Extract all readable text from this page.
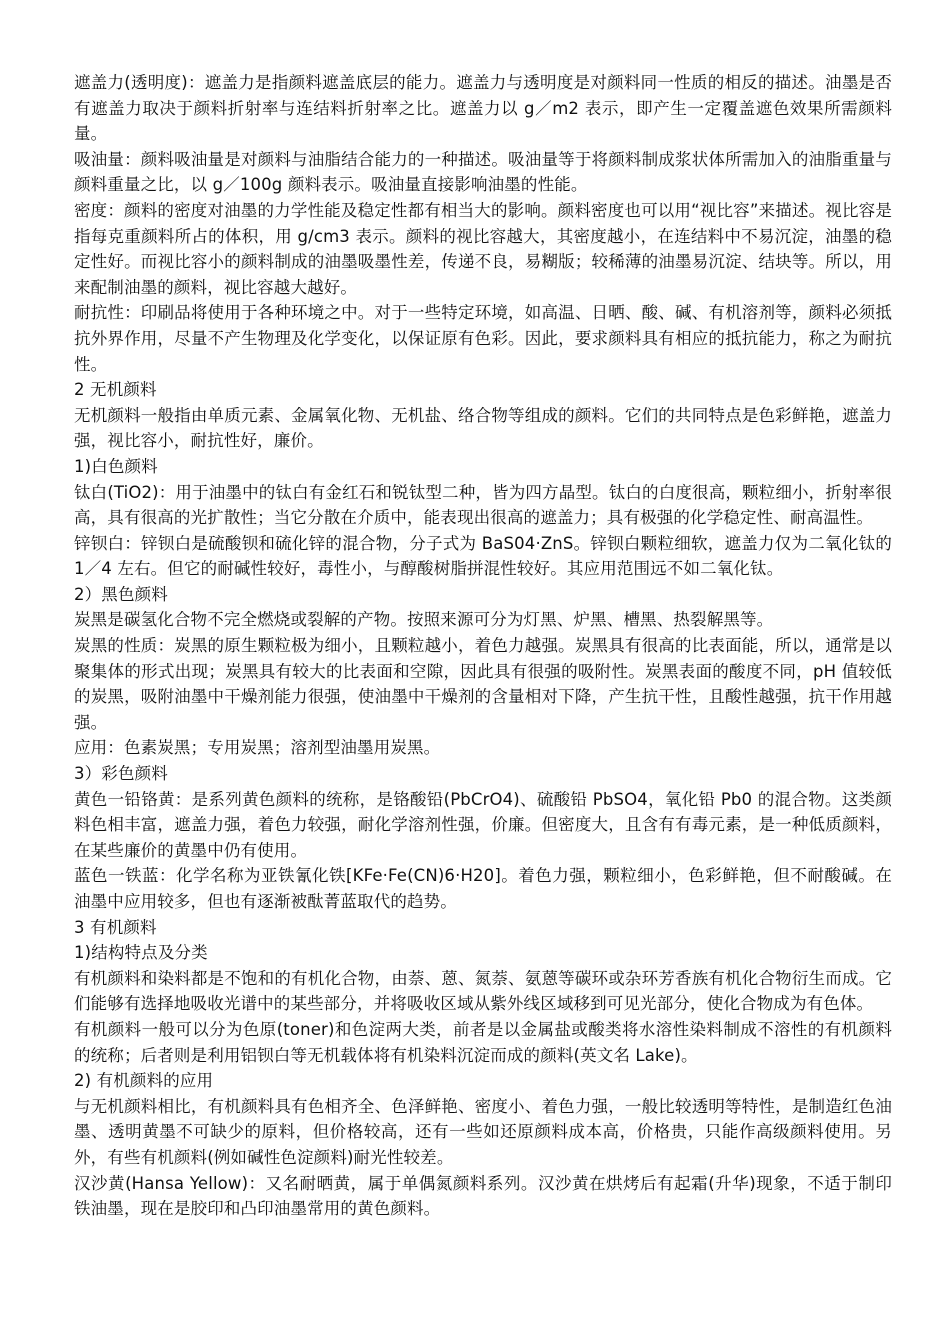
遮盖力(透明度)：遮盖力是指颜料遮盖底层的能力。遮盖力与透明度是对颜料同一性质的相反的描述。油墨是否有遮盖力取决于颜料折射率与连结料折射率之比。遮盖力以 g／m2 表示，即产生一定覆盖遮色效果所需颜料量。

吸油量：颜料吸油量是对颜料与油脂结合能力的一种描述。吸油量等于将颜料制成浆状体所需加入的油脂重量与颜料重量之比，以 g／100g 颜料表示。吸油量直接影响油墨的性能。

密度：颜料的密度对油墨的力学性能及稳定性都有相当大的影响。颜料密度也可以用“视比容”来描述。视比容是指每克重颜料所占的体积，用 g/cm3 表示。颜料的视比容越大，其密度越小，在连结料中不易沉淀，油墨的稳定性好。而视比容小的颜料制成的油墨吸墨性差，传递不良，易糊版；较稀薄的油墨易沉淀、结块等。所以，用来配制油墨的颜料，视比容越大越好。

耐抗性：印刷品将使用于各种环境之中。对于一些特定环境，如高温、日晒、酸、碱、有机溶剂等，颜料必须抵抗外界作用，尽量不产生物理及化学变化，以保证原有色彩。因此，要求颜料具有相应的抵抗能力，称之为耐抗性。

2 无机颜料

无机颜料一般指由单质元素、金属氧化物、无机盐、络合物等组成的颜料。它们的共同特点是色彩鲜艳，遮盖力强，视比容小，耐抗性好，廉价。

1)白色颜料

钛白(TiO2)：用于油墨中的钛白有金红石和锐钛型二种，皆为四方晶型。钛白的白度很高，颗粒细小，折射率很高，具有很高的光扩散性；当它分散在介质中，能表现出很高的遮盖力；具有极强的化学稳定性、耐高温性。

锌钡白：锌钡白是硫酸钡和硫化锌的混合物，分子式为 BaS04·ZnS。锌钡白颗粒细软，遮盖力仅为二氧化钛的 1／4 左右。但它的耐碱性较好，毒性小，与醇酸树脂拼混性较好。其应用范围远不如二氧化钛。

2）黑色颜料

炭黑是碳氢化合物不完全燃烧或裂解的产物。按照来源可分为灯黑、炉黑、槽黑、热裂解黑等。

炭黑的性质：炭黑的原生颗粒极为细小，且颗粒越小，着色力越强。炭黑具有很高的比表面能，所以，通常是以聚集体的形式出现；炭黑具有较大的比表面和空隙，因此具有很强的吸附性。炭黑表面的酸度不同，pH 值较低的炭黑，吸附油墨中干燥剂能力很强，使油墨中干燥剂的含量相对下降，产生抗干性，且酸性越强，抗干作用越强。

应用：色素炭黑；专用炭黑；溶剂型油墨用炭黑。

3）彩色颜料

黄色一铅铬黄：是系列黄色颜料的统称，是铬酸铅(PbCrO4)、硫酸铅 PbSO4，氧化铅 Pb0 的混合物。这类颜料色相丰富，遮盖力强，着色力较强，耐化学溶剂性强，价廉。但密度大，且含有有毒元素，是一种低质颜料，在某些廉价的黄墨中仍有使用。

蓝色一铁蓝：化学名称为亚铁氰化铁[KFe·Fe(CN)6·H20]。着色力强，颗粒细小，色彩鲜艳，但不耐酸碱。在油墨中应用较多，但也有逐渐被酞菁蓝取代的趋势。

3 有机颜料

1)结构特点及分类

有机颜料和染料都是不饱和的有机化合物，由萘、蒽、氮萘、氨蒽等碳环或杂环芳香族有机化合物衍生而成。它们能够有选择地吸收光谱中的某些部分，并将吸收区域从紫外线区域移到可见光部分，使化合物成为有色体。

有机颜料一般可以分为色原(toner)和色淀两大类，前者是以金属盐或酸类将水溶性染料制成不溶性的有机颜料的统称；后者则是利用铝钡白等无机载体将有机染料沉淀而成的颜料(英文名 Lake)。

2) 有机颜料的应用

与无机颜料相比，有机颜料具有色相齐全、色泽鲜艳、密度小、着色力强，一般比较透明等特性，是制造红色油墨、透明黄墨不可缺少的原料，但价格较高，还有一些如还原颜料成本高，价格贵，只能作高级颜料使用。另外，有些有机颜料(例如碱性色淀颜料)耐光性较差。

汉沙黄(Hansa Yellow)：又名耐晒黄，属于单偶氮颜料系列。汉沙黄在烘烤后有起霜(升华)现象，不适于制印铁油墨，现在是胶印和凸印油墨常用的黄色颜料。
